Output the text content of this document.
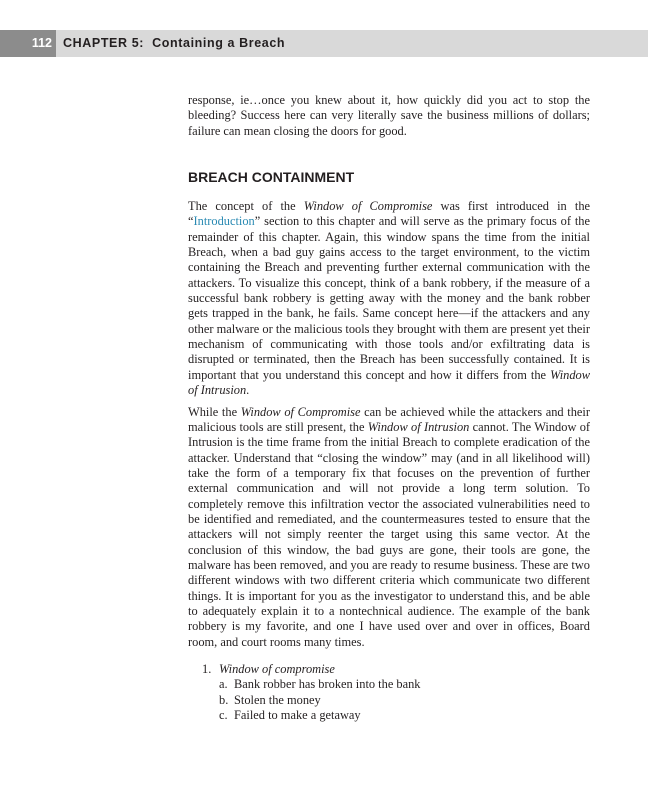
112 CHAPTER 5: Containing a Breach

response, ie…once you knew about it, how quickly did you act to stop the bleeding? Success here can very literally save the business millions of dollars; failure can mean closing the doors for good.

BREACH CONTAINMENT

The concept of the Window of Compromise was first introduced in the “Introduction” section to this chapter and will serve as the primary focus of the remainder of this chapter. Again, this window spans the time from the initial Breach, when a bad guy gains access to the target environment, to the victim containing the Breach and preventing further external communication with the attackers. To visualize this concept, think of a bank robbery, if the measure of a successful bank robbery is getting away with the money and the bank robber gets trapped in the bank, he fails. Same concept here—if the attackers and any other malware or the malicious tools they brought with them are present yet their mechanism of communicating with those tools and/or exfiltrating data is disrupted or terminated, then the Breach has been successfully contained. It is important that you understand this concept and how it differs from the Window of Intrusion.

While the Window of Compromise can be achieved while the attackers and their malicious tools are still present, the Window of Intrusion cannot. The Window of Intrusion is the time frame from the initial Breach to complete eradication of the attacker. Understand that “closing the window” may (and in all likelihood will) take the form of a temporary fix that focuses on the prevention of further external communication and will not provide a long term solution. To completely remove this infiltration vector the associated vulnerabilities need to be identified and remediated, and the countermeasures tested to ensure that the attackers will not simply reenter the target using this same vector. At the conclusion of this window, the bad guys are gone, their tools are gone, the malware has been removed, and you are ready to resume business. These are two different windows with two different criteria which communicate two different things. It is important for you as the investigator to understand this, and be able to adequately explain it to a nontechnical audience. The example of the bank robbery is my favorite, and one I have used over and over in offices, Board room, and court rooms many times.

1. Window of compromise
a. Bank robber has broken into the bank
b. Stolen the money
c. Failed to make a getaway
